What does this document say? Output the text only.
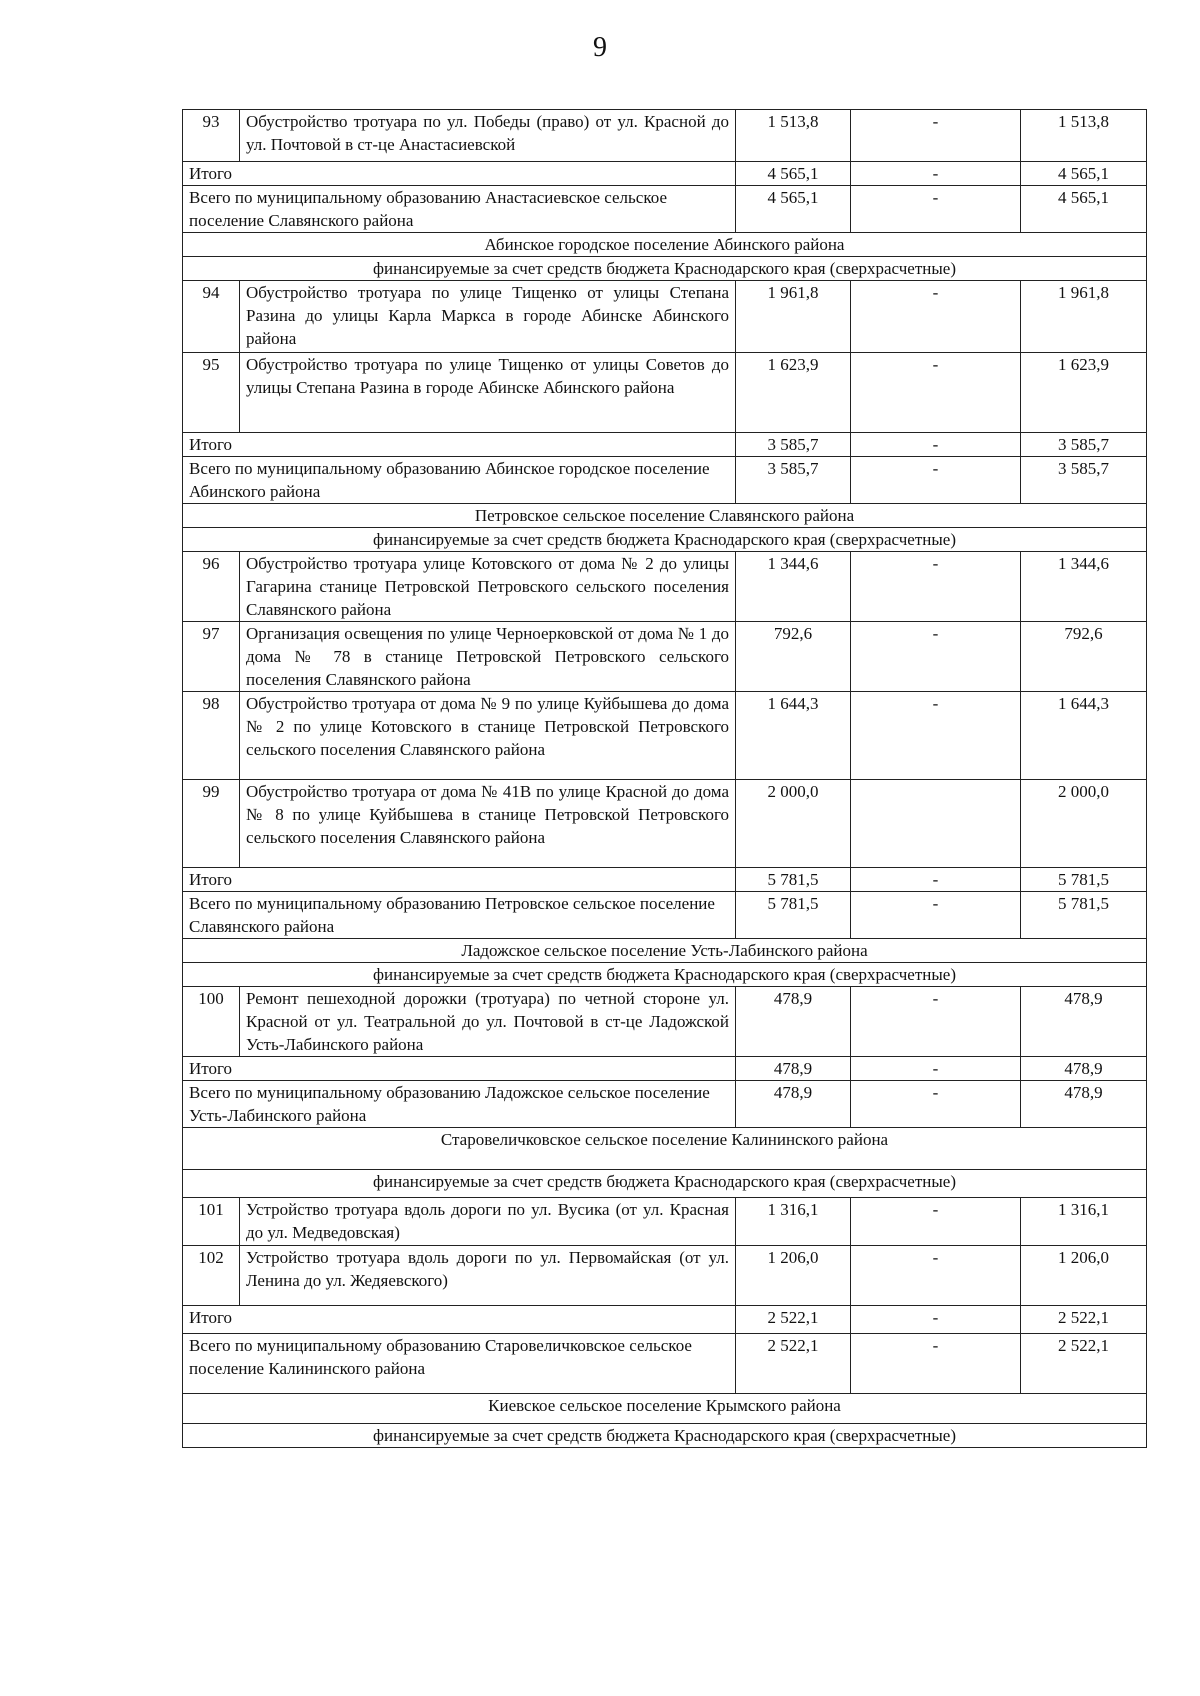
9
93	Обустройство тротуара по ул. Победы (право) от ул. Красной до ул. Почтовой в ст-це Анастасиевской	1 513,8	-	1 513,8
Итого		4 565,1	-	4 565,1
Всего по муниципальному образованию Анастасиевское сельское поселение Славянского района		4 565,1	-	4 565,1
Абинское городское поселение Абинского района				
финансируемые за счет средств бюджета Краснодарского края (сверхрасчетные)				
94	Обустройство тротуара по улице Тищенко от улицы Степана Разина до улицы Карла Маркса в городе Абинске Абинского района	1 961,8	-	1 961,8
95	Обустройство тротуара по улице Тищенко от улицы Советов до улицы Степана Разина в городе Абинске Абинского района	1 623,9	-	1 623,9
Итого		3 585,7	-	3 585,7
Всего по муниципальному образованию Абинское городское поселение Абинского района		3 585,7	-	3 585,7
Петровское сельское поселение Славянского района				
финансируемые за счет средств бюджета Краснодарского края (сверхрасчетные)				
96	Обустройство тротуара улице Котовского от дома № 2 до улицы Гагарина станице Петровской Петровского сельского поселения Славянского района	1 344,6	-	1 344,6
97	Организация освещения по улице Черноерковской от дома № 1 до дома № 78 в станице Петровской Петровского сельского поселения Славянского района	792,6	-	792,6
98	Обустройство тротуара от дома № 9 по улице Куйбышева до дома № 2 по улице Котовского в станице Петровской Петровского сельского поселения Славянского района	1 644,3	-	1 644,3
99	Обустройство тротуара от дома № 41В по улице Красной до дома № 8 по улице Куйбышева в станице Петровской Петровского сельского поселения Славянского района	2 000,0		2 000,0
Итого		5 781,5	-	5 781,5
Всего по муниципальному образованию Петровское сельское поселение Славянского района		5 781,5	-	5 781,5
Ладожское сельское поселение Усть-Лабинского района				
финансируемые за счет средств бюджета Краснодарского края (сверхрасчетные)				
100	Ремонт пешеходной дорожки (тротуара) по четной стороне ул. Красной от ул. Театральной до ул. Почтовой в ст-це Ладожской Усть-Лабинского района	478,9	-	478,9
Итого		478,9	-	478,9
Всего по муниципальному образованию Ладожское сельское поселение Усть-Лабинского района		478,9	-	478,9
Старовеличковское сельское поселение Калининского района				
финансируемые за счет средств бюджета Краснодарского края (сверхрасчетные)				
101	Устройство тротуара вдоль дороги по ул. Вусика (от ул. Красная до ул. Медведовская)	1 316,1	-	1 316,1
102	Устройство тротуара вдоль дороги по ул. Первомайская (от ул. Ленина до ул. Жедяевского)	1 206,0	-	1 206,0
Итого		2 522,1	-	2 522,1
Всего по муниципальному образованию Старовеличковское сельское поселение Калининского района		2 522,1	-	2 522,1
Киевское сельское поселение Крымского района				
финансируемые за счет средств бюджета Краснодарского края (сверхрасчетные)				
